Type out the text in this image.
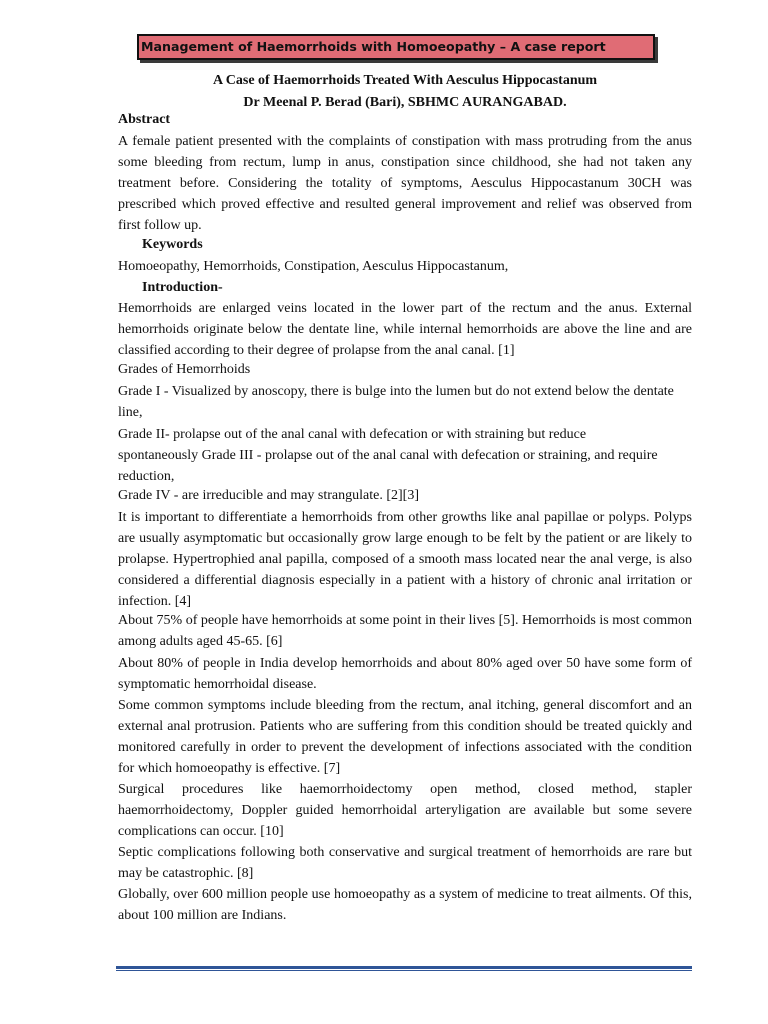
Management of Haemorrhoids with Homoeopathy – A case report
A Case of Haemorrhoids Treated With Aesculus Hippocastanum
Dr Meenal P. Berad (Bari), SBHMC AURANGABAD.
Abstract
A female patient presented with the complaints of constipation with mass protruding from the anus some bleeding from rectum, lump in anus, constipation since childhood, she had not taken any treatment before. Considering the totality of symptoms, Aesculus Hippocastanum 30CH was prescribed which proved effective and resulted general improvement and relief was observed from first follow up.
Keywords
Homoeopathy, Hemorrhoids, Constipation, Aesculus Hippocastanum,
Introduction-
Hemorrhoids are enlarged veins located in the lower part of the rectum and the anus. External hemorrhoids originate below the dentate line, while internal hemorrhoids are above the line and are classified according to their degree of prolapse from the anal canal. [1]
Grades of Hemorrhoids
Grade I - Visualized by anoscopy, there is bulge into the lumen but do not extend below the dentate line,
Grade II- prolapse out of the anal canal with defecation or with straining but reduce spontaneously Grade III - prolapse out of the anal canal with defecation or straining, and require reduction,
Grade IV - are irreducible and may strangulate. [2][3]
It is important to differentiate a hemorrhoids from other growths like anal papillae or polyps. Polyps are usually asymptomatic but occasionally grow large enough to be felt by the patient or are likely to prolapse. Hypertrophied anal papilla, composed of a smooth mass located near the anal verge, is also considered a differential diagnosis especially in a patient with a history of chronic anal irritation or infection. [4]
About 75% of people have hemorrhoids at some point in their lives [5]. Hemorrhoids is most common among adults aged 45-65. [6]
About 80% of people in India develop hemorrhoids and about 80% aged over 50 have some form of symptomatic hemorrhoidal disease.
Some common symptoms include bleeding from the rectum, anal itching, general discomfort and an external anal protrusion. Patients who are suffering from this condition should be treated quickly and monitored carefully in order to prevent the development of infections associated with the condition for which homoeopathy is effective. [7]
Surgical procedures like haemorrhoidectomy open method, closed method, stapler haemorrhoidectomy, Doppler guided hemorrhoidal arteryligation are available but some severe complications can occur. [10]
Septic complications following both conservative and surgical treatment of hemorrhoids are rare but may be catastrophic. [8]
Globally, over 600 million people use homoeopathy as a system of medicine to treat ailments. Of this, about 100 million are Indians.
